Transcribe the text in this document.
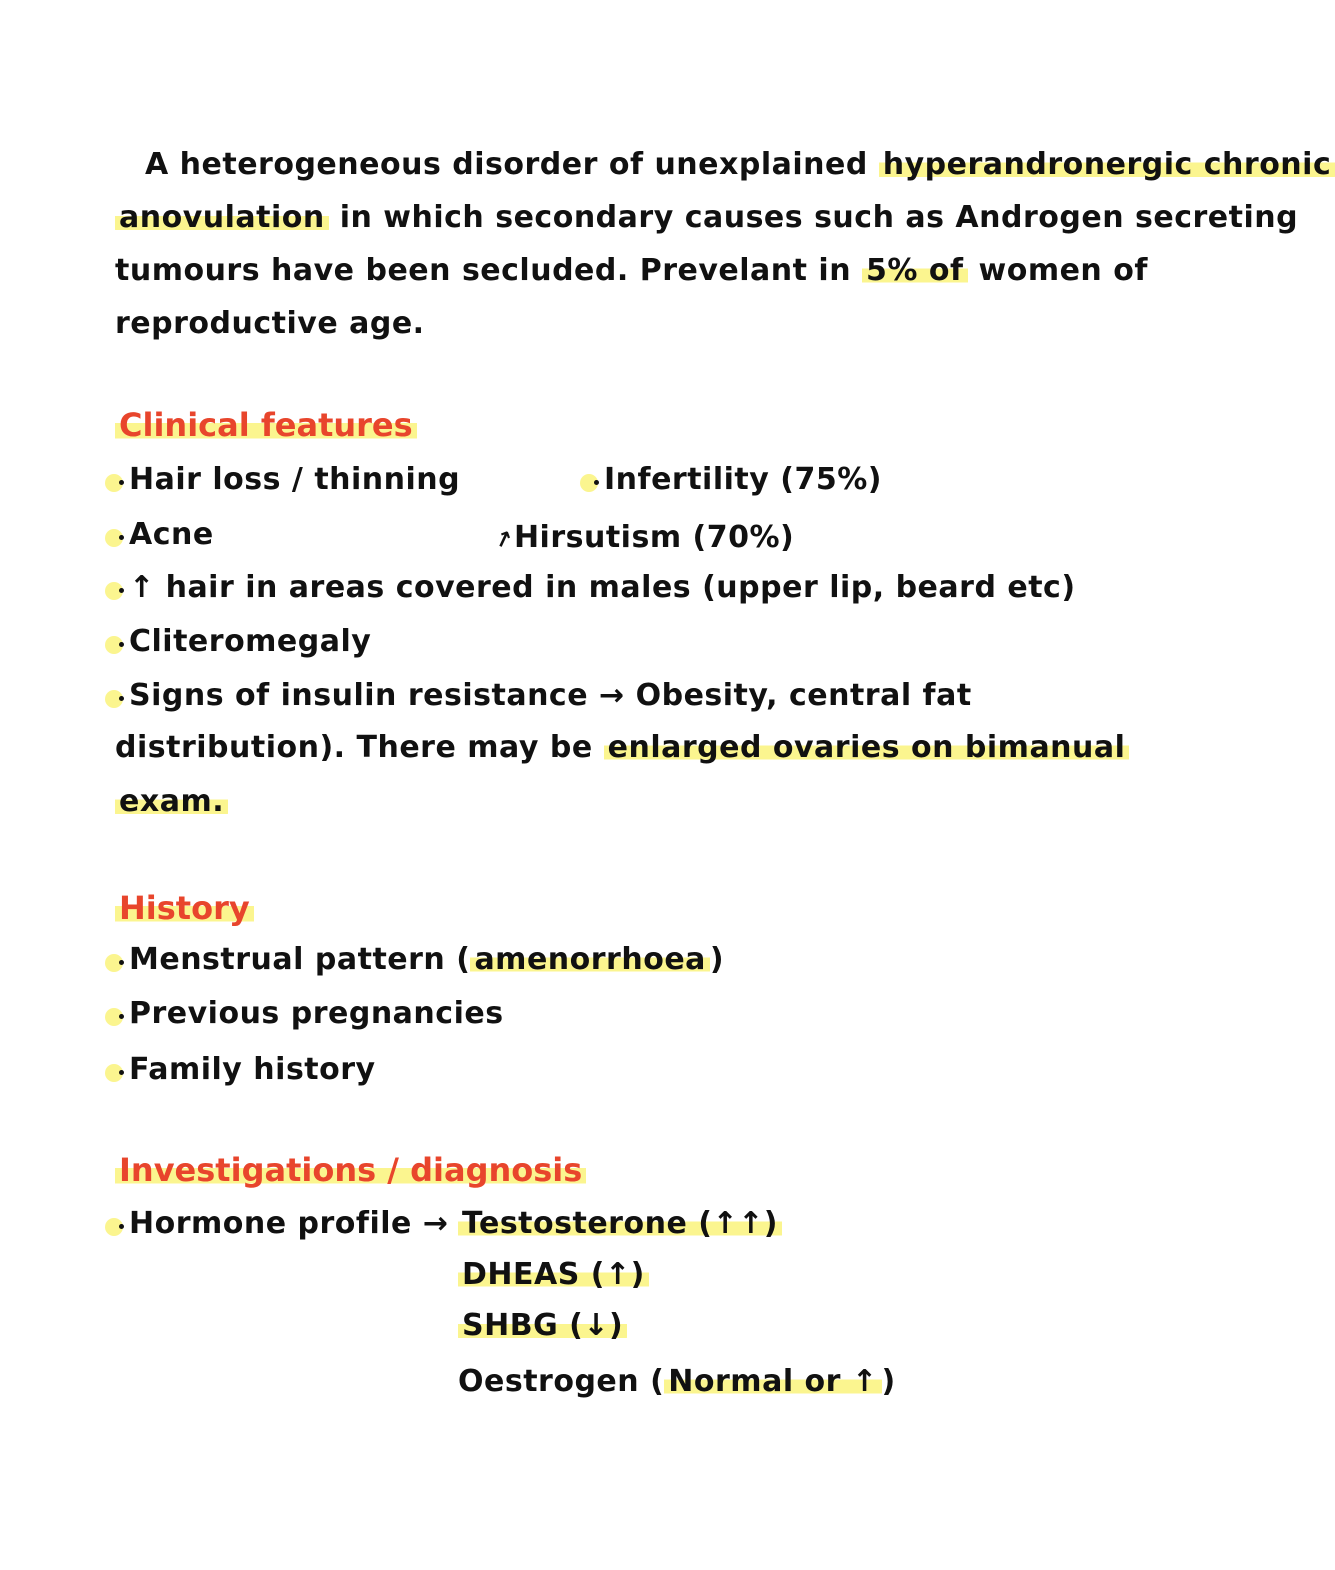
A heterogeneous disorder of unexplained hyperandronergic chronic
anovulation in which secondary causes such as Androgen secreting
tumours have been secluded. Prevelant in 5% of women of
reproductive age.
Clinical features
Hair loss / thinning	Infertility (75%)
Acne	↗Hirsutism (70%)
↑ hair in areas covered in males (upper lip, beard etc)
Cliteromegaly
Signs of insulin resistance → Obesity, central fat
distribution). There may be enlarged ovaries on bimanual
exam.
History
Menstrual pattern ( amenorrhoea )
Previous pregnancies
Family history
Investigations / diagnosis
Hormone profile → Testosterone (↑↑)
DHEAS (↑)
SHBG (↓)
Oestrogen ( Normal or ↑ )
